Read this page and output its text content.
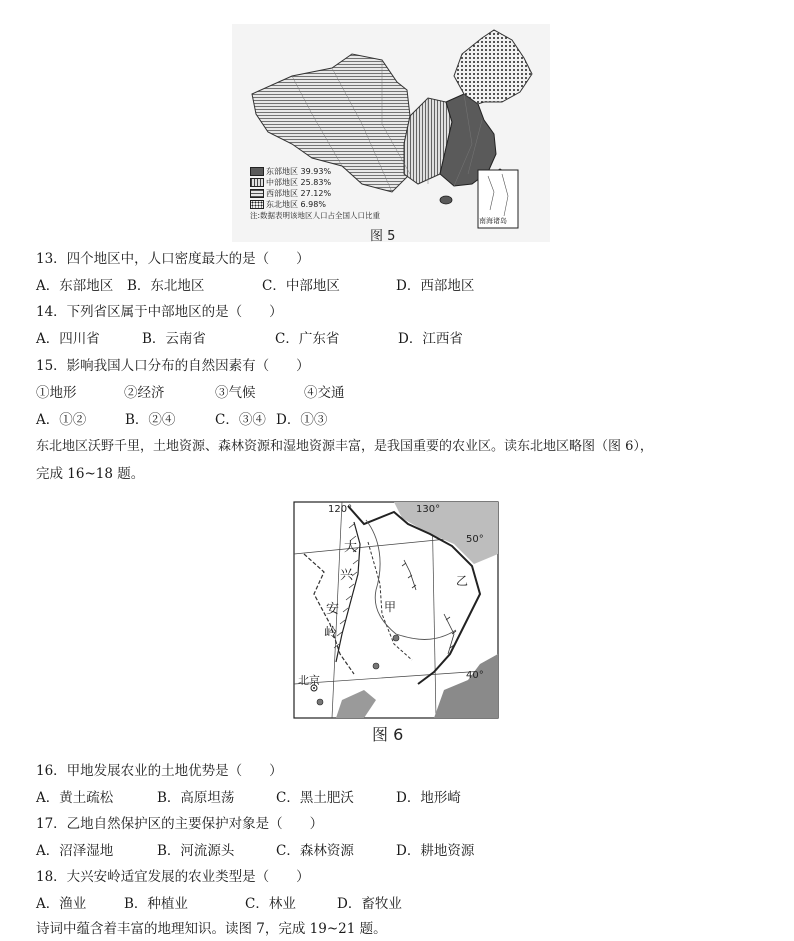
东部地区 39.93%
中部地区 25.83%
西部地区 27.12%
东北地区 6.98%
注:数据表明该地区人口占全国人口比重
南海诸岛
图 5
13．四个地区中，人口密度最大的是（　　）
A．东部地区 B．东北地区	C．中部地区	D．西部地区
14．下列省区属于中部地区的是（　　）
A．四川省	B．云南省	C．广东省	D．江西省
15．影响我国人口分布的自然因素有（　　）
①地形	②经济	③气候	④交通
A．①②	B．②④	C．③④ D．①③
东北地区沃野千里，土地资源、森林资源和湿地资源丰富，是我国重要的农业区。读东北地区略图（图 6），
完成 16~18 题。
120°	130°
50°
40°
大
兴
安
岭
甲
乙
北京
图 6
16．甲地发展农业的土地优势是（　　）
A．黄土疏松	B．高原坦荡	C．黑土肥沃	D．地形崎
17．乙地自然保护区的主要保护对象是（　　）
A．沼泽湿地	B．河流源头	C．森林资源	D．耕地资源
18．大兴安岭适宜发展的农业类型是（　　）
A．渔业	B．种植业	C．林业	D．畜牧业
诗词中蕴含着丰富的地理知识。读图 7，完成 19~21 题。
